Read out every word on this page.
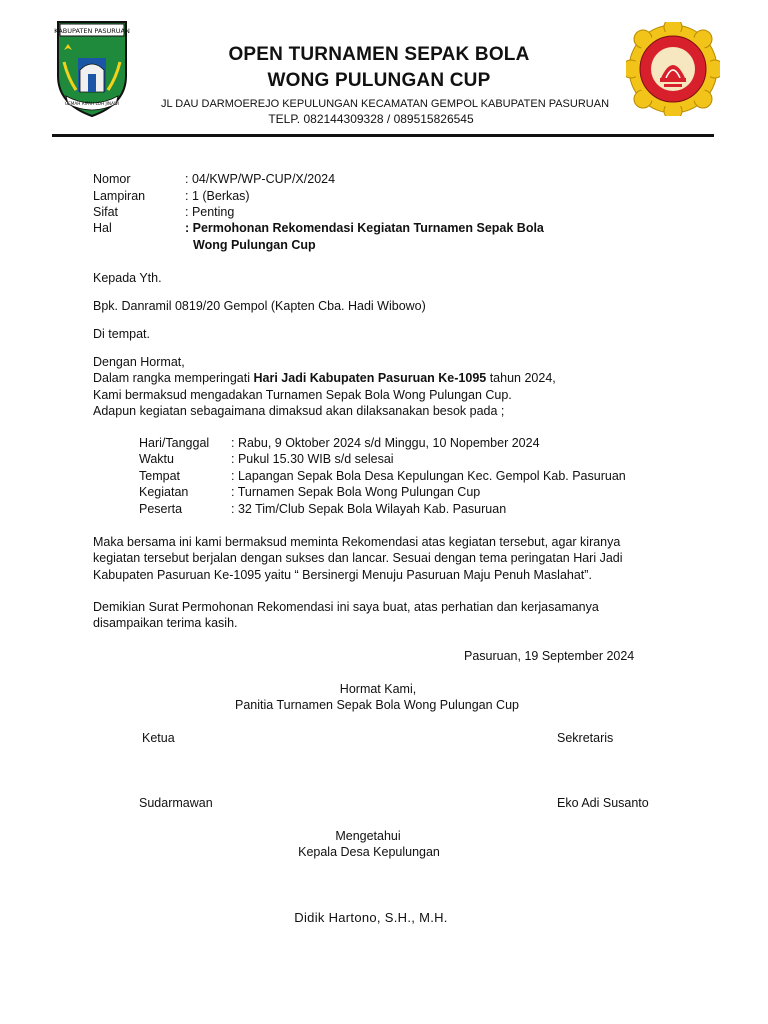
KABUPATEN PASURUAN
GEMAH RIPAH LOH JINAWI
OPEN TURNAMEN SEPAK BOLA
WONG PULUNGAN CUP
JL DAU DARMOEREJO KEPULUNGAN KECAMATAN GEMPOL KABUPATEN PASURUAN
TELP. 082144309328 / 089515826545
Nomor	: 04/KWP/WP-CUP/X/2024
Lampiran	: 1 (Berkas)
Sifat	: Penting
Hal	: Permohonan Rekomendasi Kegiatan Turnamen Sepak Bola
Wong Pulungan Cup
Kepada Yth.
Bpk. Danramil 0819/20 Gempol (Kapten Cba. Hadi Wibowo)
Di tempat.
Dengan Hormat,
Dalam rangka memperingati Hari Jadi Kabupaten Pasuruan Ke-1095 tahun 2024,
Kami bermaksud mengadakan Turnamen Sepak Bola Wong Pulungan Cup.
Adapun kegiatan sebagaimana dimaksud akan dilaksanakan besok pada ;
Hari/Tanggal : Rabu, 9 Oktober 2024 s/d Minggu, 10 Nopember 2024
Waktu	: Pukul 15.30 WIB s/d selesai
Tempat	: Lapangan Sepak Bola Desa Kepulungan Kec. Gempol Kab. Pasuruan
Kegiatan	: Turnamen Sepak Bola Wong Pulungan Cup
Peserta	: 32 Tim/Club Sepak Bola Wilayah Kab. Pasuruan
Maka bersama ini kami bermaksud meminta Rekomendasi atas kegiatan tersebut, agar kiranya
kegiatan tersebut berjalan dengan sukses dan lancar. Sesuai dengan tema peringatan Hari Jadi
Kabupaten Pasuruan Ke-1095 yaitu “ Bersinergi Menuju Pasuruan Maju Penuh Maslahat”.
Demikian Surat Permohonan Rekomendasi ini saya buat, atas perhatian dan kerjasamanya
disampaikan terima kasih.
Pasuruan, 19 September 2024
Hormat Kami,
Panitia Turnamen Sepak Bola Wong Pulungan Cup
Ketua	Sekretaris
Sudarmawan	Eko Adi Susanto
Mengetahui
Kepala Desa Kepulungan
Didik Hartono, S.H., M.H.
